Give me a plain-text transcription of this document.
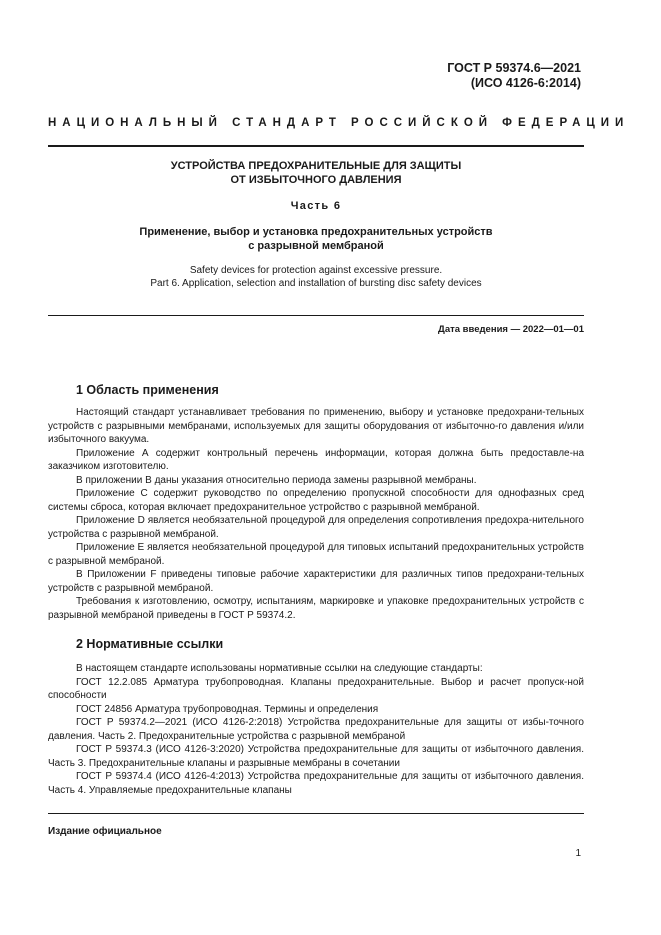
ГОСТ Р 59374.6—2021
(ИСО 4126-6:2014)
НАЦИОНАЛЬНЫЙ СТАНДАРТ РОССИЙСКОЙ ФЕДЕРАЦИИ
УСТРОЙСТВА ПРЕДОХРАНИТЕЛЬНЫЕ ДЛЯ ЗАЩИТЫ
ОТ ИЗБЫТОЧНОГО ДАВЛЕНИЯ
Часть 6
Применение, выбор и установка предохранительных устройств
с разрывной мембраной
Safety devices for protection against excessive pressure.
Part 6. Application, selection and installation of bursting disc safety devices
Дата введения — 2022—01—01
1 Область применения

Настоящий стандарт устанавливает требования по применению, выбору и установке предохрани-тельных устройств с разрывными мембранами, используемых для защиты оборудования от избыточно-го давления и/или избыточного вакуума.

Приложение А содержит контрольный перечень информации, которая должна быть предоставле-на заказчиком изготовителю.

В приложении В даны указания относительно периода замены разрывной мембраны.

Приложение С содержит руководство по определению пропускной способности для однофазных сред системы сброса, которая включает предохранительное устройство с разрывной мембраной.

Приложение D является необязательной процедурой для определения сопротивления предохра-нительного устройства с разрывной мембраной.

Приложение Е является необязательной процедурой для типовых испытаний предохранительных устройств с разрывной мембраной.

В Приложении F приведены типовые рабочие характеристики для различных типов предохрани-тельных устройств с разрывной мембраной.

Требования к изготовлению, осмотру, испытаниям, маркировке и упаковке предохранительных устройств с разрывной мембраной приведены в ГОСТ Р 59374.2.

2 Нормативные ссылки

В настоящем стандарте использованы нормативные ссылки на следующие стандарты:

ГОСТ 12.2.085 Арматура трубопроводная. Клапаны предохранительные. Выбор и расчет пропуск-ной способности

ГОСТ 24856 Арматура трубопроводная. Термины и определения

ГОСТ Р 59374.2—2021 (ИСО 4126-2:2018) Устройства предохранительные для защиты от избы-точного давления. Часть 2. Предохранительные устройства с разрывной мембраной

ГОСТ Р 59374.3 (ИСО 4126-3:2020) Устройства предохранительные для защиты от избыточного давления. Часть 3. Предохранительные клапаны и разрывные мембраны в сочетании

ГОСТ Р 59374.4 (ИСО 4126-4:2013) Устройства предохранительные для защиты от избыточного давления. Часть 4. Управляемые предохранительные клапаны

Издание официальное
1
